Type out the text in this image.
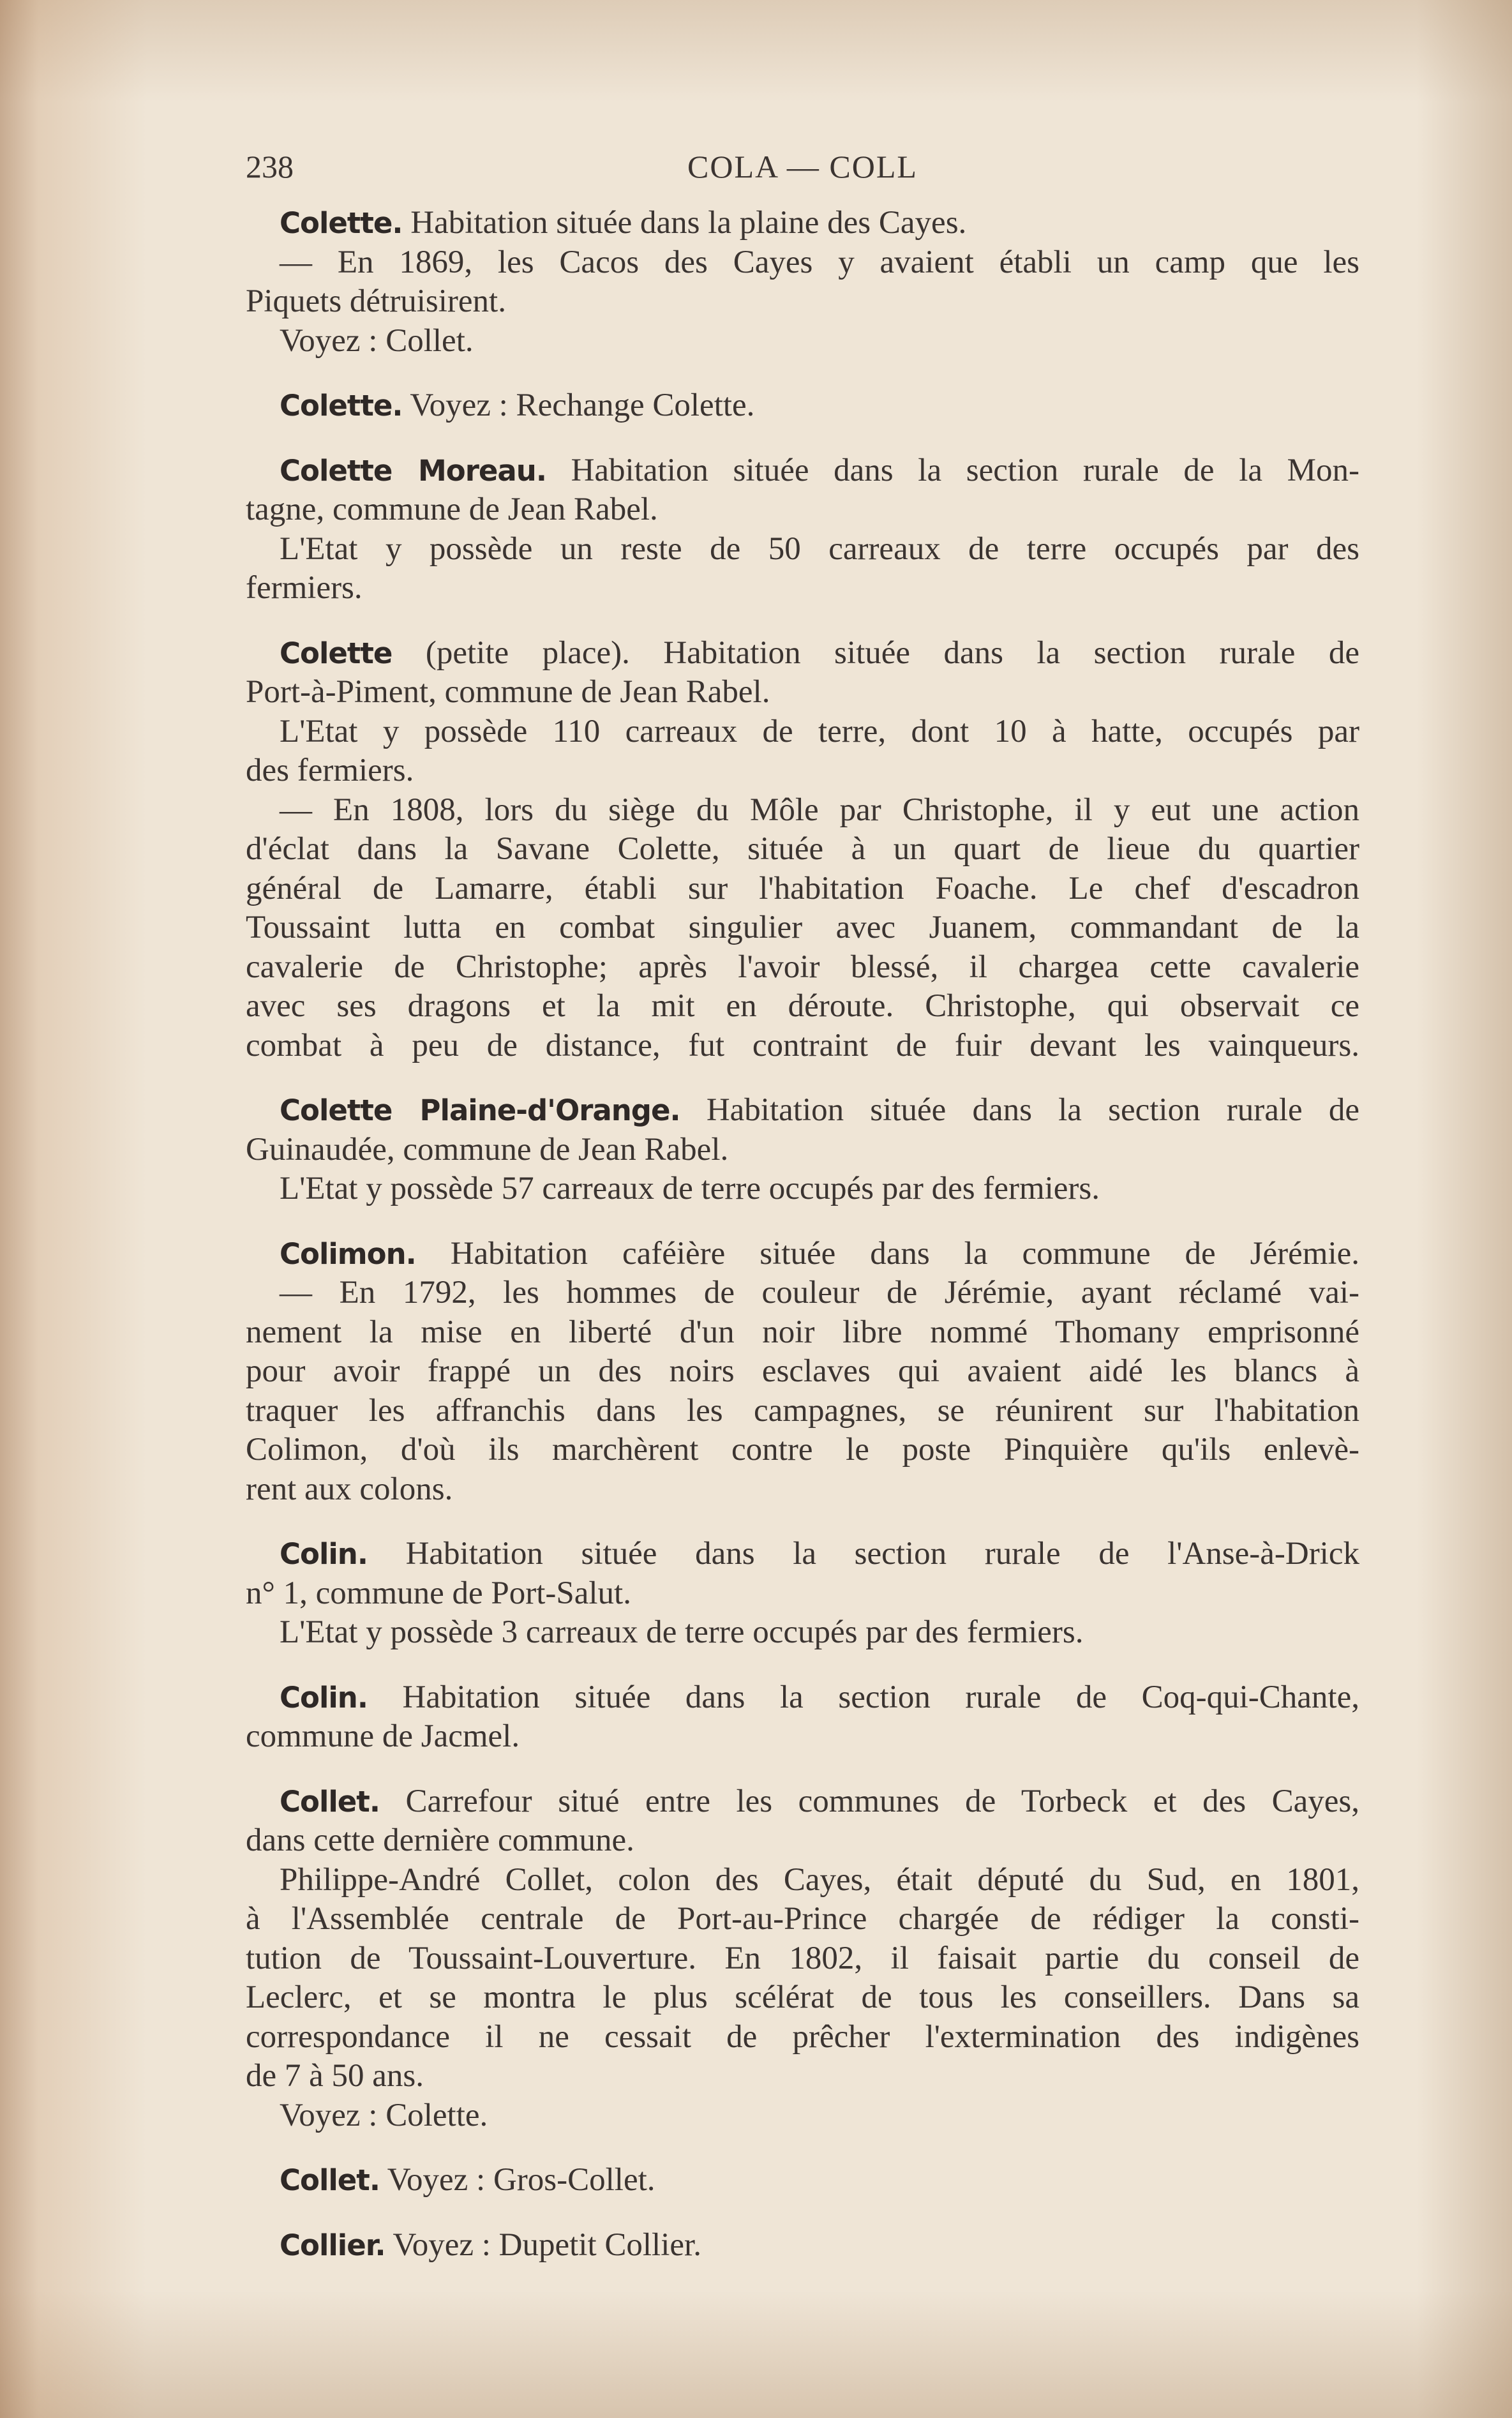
238	COLA — COLL
Colette. Habitation située dans la plaine des Cayes.
— En 1869, les Cacos des Cayes y avaient établi un camp que les
Piquets détruisirent.
Voyez : Collet.
Colette. Voyez : Rechange Colette.
Colette Moreau. Habitation située dans la section rurale de la Mon-
tagne, commune de Jean Rabel.
L'Etat y possède un reste de 50 carreaux de terre occupés par des
fermiers.
Colette (petite place). Habitation située dans la section rurale de
Port-à-Piment, commune de Jean Rabel.
L'Etat y possède 110 carreaux de terre, dont 10 à hatte, occupés par
des fermiers.
— En 1808, lors du siège du Môle par Christophe, il y eut une action
d'éclat dans la Savane Colette, située à un quart de lieue du quartier
général de Lamarre, établi sur l'habitation Foache. Le chef d'escadron
Toussaint lutta en combat singulier avec Juanem, commandant de la
cavalerie de Christophe; après l'avoir blessé, il chargea cette cavalerie
avec ses dragons et la mit en déroute. Christophe, qui observait ce
combat à peu de distance, fut contraint de fuir devant les vainqueurs.
Colette Plaine-d'Orange. Habitation située dans la section rurale de
Guinaudée, commune de Jean Rabel.
L'Etat y possède 57 carreaux de terre occupés par des fermiers.
Colimon. Habitation caféière située dans la commune de Jérémie.
— En 1792, les hommes de couleur de Jérémie, ayant réclamé vai-
nement la mise en liberté d'un noir libre nommé Thomany emprisonné
pour avoir frappé un des noirs esclaves qui avaient aidé les blancs à
traquer les affranchis dans les campagnes, se réunirent sur l'habitation
Colimon, d'où ils marchèrent contre le poste Pinquière qu'ils enlevè-
rent aux colons.
Colin. Habitation située dans la section rurale de l'Anse-à-Drick
n° 1, commune de Port-Salut.
L'Etat y possède 3 carreaux de terre occupés par des fermiers.
Colin. Habitation située dans la section rurale de Coq-qui-Chante,
commune de Jacmel.
Collet. Carrefour situé entre les communes de Torbeck et des Cayes,
dans cette dernière commune.
Philippe-André Collet, colon des Cayes, était député du Sud, en 1801,
à l'Assemblée centrale de Port-au-Prince chargée de rédiger la consti-
tution de Toussaint-Louverture. En 1802, il faisait partie du conseil de
Leclerc, et se montra le plus scélérat de tous les conseillers. Dans sa
correspondance il ne cessait de prêcher l'extermination des indigènes
de 7 à 50 ans.
Voyez : Colette.
Collet. Voyez : Gros-Collet.
Collier. Voyez : Dupetit Collier.
